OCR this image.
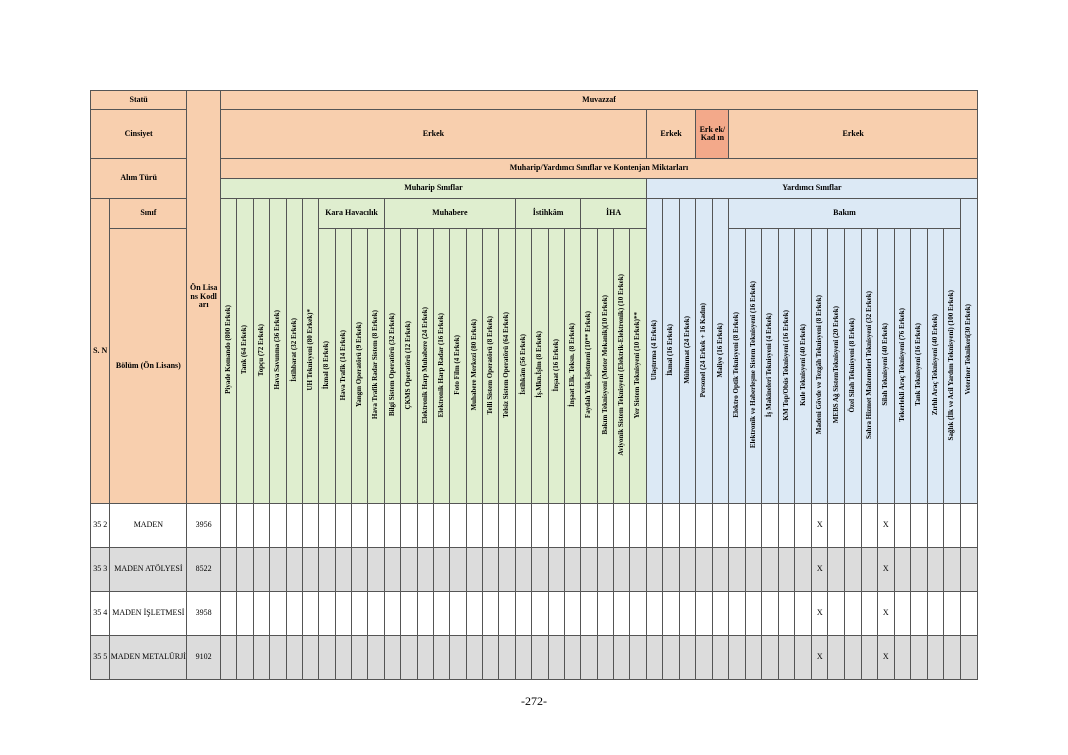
Statü		Ön Lisa ns Kodl arı	Muvazzaf																																													
Cinsiyet			Erkek																										Erkek			Erk ek/ Kad ın		Erkek														
Alım Türü			Muharip/Yardımcı Sınıflar ve Kontenjan Miktarları																																													
			Muharip Sınıflar																										Yardımcı Sınıflar																			
S. N	Sınıf		Piyade Komando (800 Erkek)	Tank (64 Erkek)	Topçu (72 Erkek)	Hava Savunma (36 Erkek)	İstihbarat (32 Erkek)	UH Teknisyeni (80 Erkek)*	Kara Havacılık				Muhabere								İstihkâm				İHA				Ulaştırma (4 Erkek)	İkmal (16 Erkek)	Mühimmat (24 Erkek)	Personel (24 Erkek + 16 Kadın)	Maliye (16 Erkek)	Bakım														Veteriner Teknikeri(30 Erkek)
	Bölüm (Ön Lisans)								İkmal (8 Erkek)	Hava Trafik (14 Erkek)	Yangın Operatörü (9 Erkek)	Hava Trafik Radar Sistem (8 Erkek)	Bilgi Sistem Operatörü (32 Erkek)	ÇKMS Operatörü (12 Erkek)	Elektronik Harp Muhabere (24 Erkek)	Elektronik Harp Radar (16 Erkek)	Foto Film (4 Erkek)	Muhabere Merkezi (80 Erkek)	Telli Sistem Operatörü (8 Erkek)	Telsiz Sistem Operatörü (64 Erkek)	İstihkâm (56 Erkek)	İş.Mkn.İşlm (8 Erkek)	İnşaat (16 Erkek)	İnşaat Elk. Teksn. (8 Erkek)	Faydalı Yük İşletmeni (10** Erkek)	Bakım Teknisyeni (Motor Mekanik)(10 Erkek)	Aviyonik Sistem Teknisyeni (Elektrik-Elektronik) (10 Erkek)	Yer Sistem Teknisyeni (10 Erkek)**						Elektro Optik Teknisyeni (8 Erkek)	Elektronik ve Haberleşme Sistem Teknisyeni (16 Erkek)	İş Makineleri Teknisyeni (4 Erkek)	KM Top/Obüs Teknisyeni (16 Erkek)	Kule Teknisyeni (40 Erkek)	Madeni Gövde ve Tezgâh Teknisyeni (8 Erkek)	MEBS Ağ SistemTeknisyeni (20 Erkek)	Özel Silah Teknisyeni (8 Erkek)	Sahra Hizmet Malzemeleri Teknisyeni (32 Erkek)	Silah Teknisyeni (40 Erkek)	Tekerlekli Araç Teknisyeni (76 Erkek)	Tank Teknisyeni (16 Erkek)	Zırhlı Araç Teknisyeni (40 Erkek)	Sağlık (İlk ve Acil Yardım Teknisyeni) (100 Erkek)	

35 2	MADEN	3956																																					X				X					
35 3	MADEN ATÖLYESİ	8522																																					X				X					
35 4	MADEN İŞLETMESİ	3958																																					X				X					
35 5	MADEN METALÜRJİ	9102																																					X				X					
-272-
